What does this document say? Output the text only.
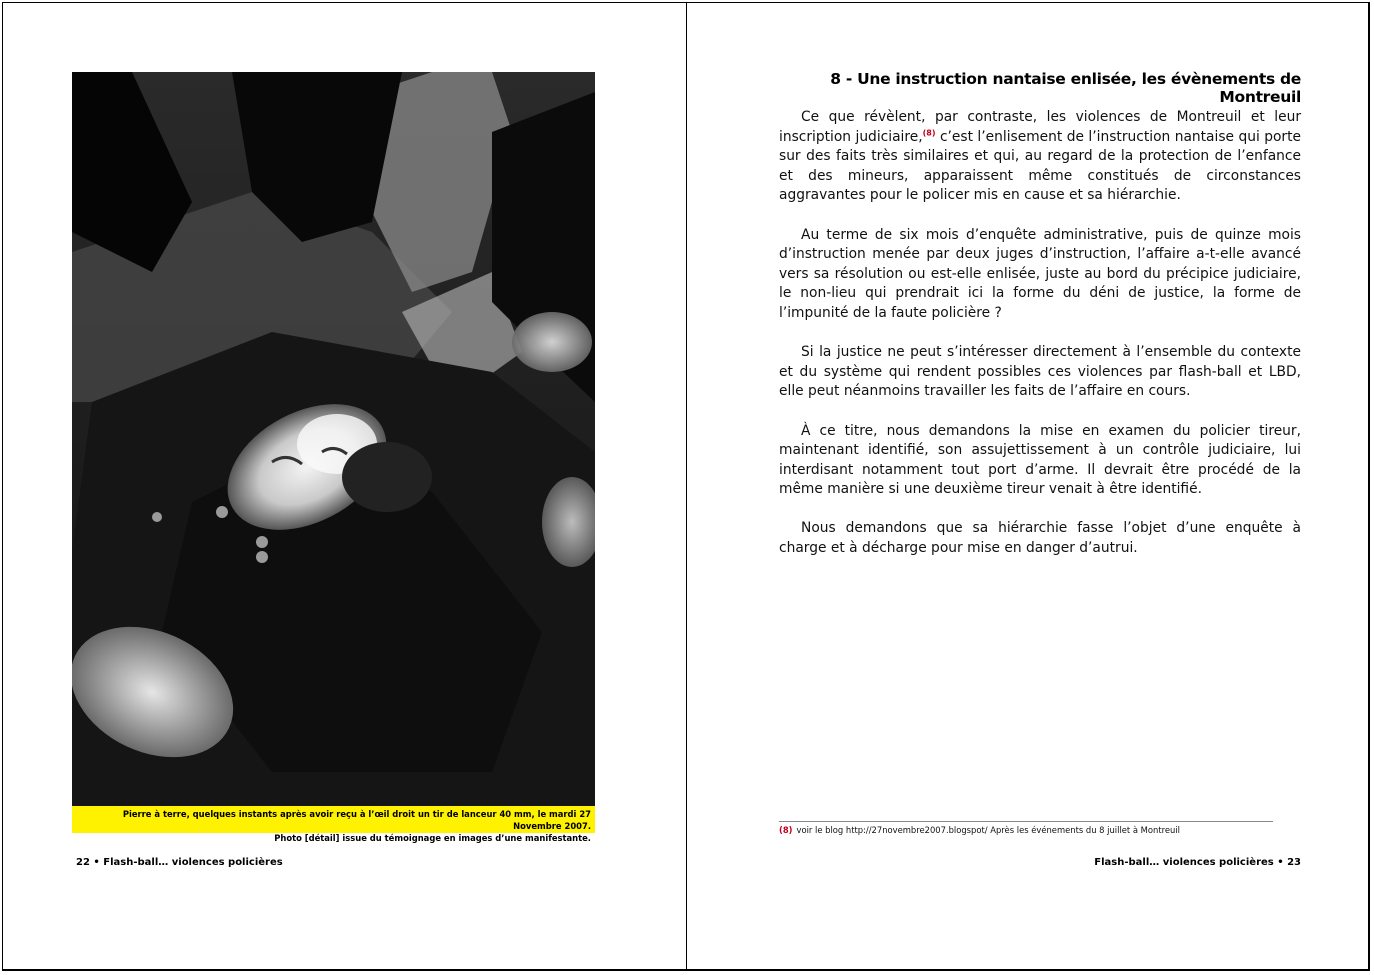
Pierre à terre, quelques instants après avoir reçu à l’œil droit un tir de lanceur 40 mm, le mardi 27 Novembre 2007.
Photo [détail] issue du témoignage en images d’une manifestante.
22 • Flash-ball… violences policières
8 - Une instruction nantaise enlisée, les évènements de Montreuil

Ce que révèlent, par contraste, les violences de Montreuil et leur inscription judiciaire,$^{(8)}$ c’est l’enlisement de l’instruction nantaise qui porte sur des faits très similaires et qui, au regard de la protection de l’enfance et des mineurs, apparaissent même constitués de circonstances aggravantes pour le policer mis en cause et sa hiérarchie.

Au terme de six mois d’enquête administrative, puis de quinze mois d’instruction menée par deux juges d’instruction, l’affaire a-t-elle avancé vers sa résolution ou est-elle enlisée, juste au bord du précipice judiciaire, le non-lieu qui prendrait ici la forme du déni de justice, la forme de l’impunité de la faute policière ?

Si la justice ne peut s’intéresser directement à l’ensemble du contexte et du système qui rendent possibles ces violences par flash-ball et LBD, elle peut néanmoins travailler les faits de l’affaire en cours.

À ce titre, nous demandons la mise en examen du policier tireur, maintenant identifié, son assujettissement à un contrôle judiciaire, lui interdisant notamment tout port d’arme. Il devrait être procédé de la même manière si une deuxième tireur venait à être identifié.

Nous demandons que sa hiérarchie fasse l’objet d’une enquête à charge et à décharge pour mise en danger d’autrui.

(8) voir le blog http://27novembre2007.blogspot/ Après les événements du 8 juillet à Montreuil
Flash-ball… violences policières • 23
